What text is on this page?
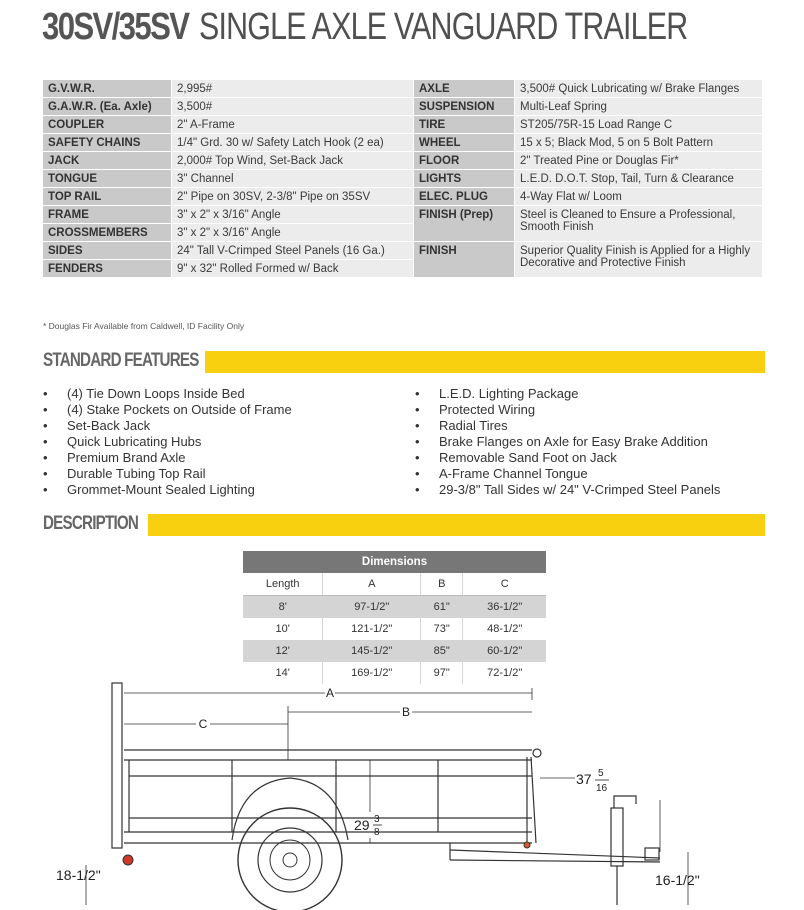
30SV/35SV SINGLE AXLE VANGUARD TRAILER
G.V.W.R.	2,995#	AXLE	3,500# Quick Lubricating w/ Brake Flanges
G.A.W.R. (Ea. Axle)	3,500#	SUSPENSION	Multi-Leaf Spring
COUPLER	2" A-Frame	TIRE	ST205/75R-15 Load Range C
SAFETY CHAINS	1/4" Grd. 30 w/ Safety Latch Hook (2 ea)	WHEEL	15 x 5; Black Mod, 5 on 5 Bolt Pattern
JACK	2,000# Top Wind, Set-Back Jack	FLOOR	2" Treated Pine or Douglas Fir*
TONGUE	3" Channel	LIGHTS	L.E.D. D.O.T. Stop, Tail, Turn & Clearance
TOP RAIL	2" Pipe on 30SV, 2-3/8" Pipe on 35SV	ELEC. PLUG	4-Way Flat w/ Loom
FRAME	3" x 2" x 3/16" Angle	FINISH (Prep)	Steel is Cleaned to Ensure a Professional, Smooth Finish
CROSSMEMBERS	3" x 2" x 3/16" Angle		
SIDES	24" Tall V-Crimped Steel Panels (16 Ga.)	FINISH	Superior Quality Finish is Applied for a Highly Decorative and Protective Finish
FENDERS	9" x 32" Rolled Formed w/ Back		
* Douglas Fir Available from Caldwell, ID Facility Only
STANDARD FEATURES
• (4) Tie Down Loops Inside Bed
• (4) Stake Pockets on Outside of Frame
• Set-Back Jack
• Quick Lubricating Hubs
• Premium Brand Axle
• Durable Tubing Top Rail
• Grommet-Mount Sealed Lighting
• L.E.D. Lighting Package
• Protected Wiring
• Radial Tires
• Brake Flanges on Axle for Easy Brake Addition
• Removable Sand Foot on Jack
• A-Frame Channel Tongue
• 29-3/8" Tall Sides w/ 24" V-Crimped Steel Panels
DESCRIPTION
Dimensions			
Length	A	B	C
8'	97-1/2"	61"	36-1/2"
10'	121-1/2"	73"	48-1/2"
12'	145-1/2"	85"	60-1/2"
14'	169-1/2"	97"	72-1/2"
A
B
C
29 3
8
37 5
16
18-1/2"	16-1/2"
